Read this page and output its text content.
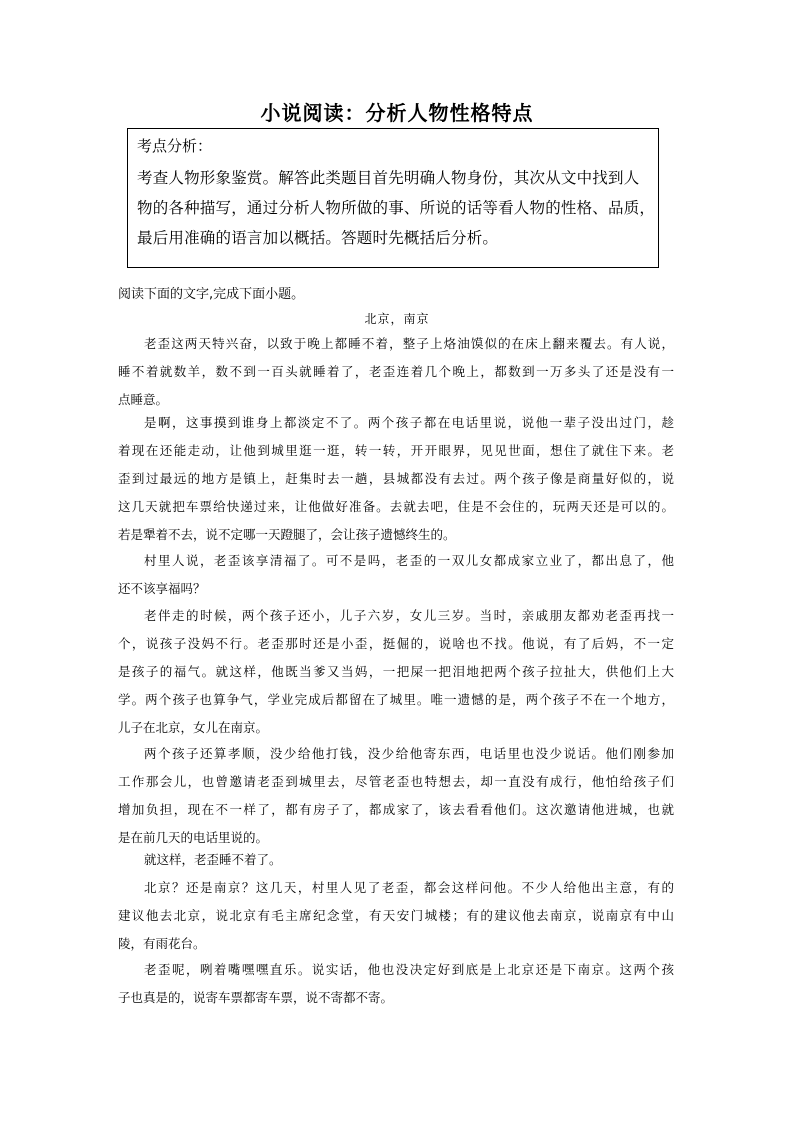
小说阅读：分析人物性格特点
考点分析：
考查人物形象鉴赏。解答此类题目首先明确人物身份，其次从文中找到人
物的各种描写，通过分析人物所做的事、所说的话等看人物的性格、品质，
最后用准确的语言加以概括。答题时先概括后分析。
阅读下面的文字,完成下面小题。
北京，南京
老歪这两天特兴奋，以致于晚上都睡不着，整子上烙油馍似的在床上翻来覆去。有人说，
睡不着就数羊，数不到一百头就睡着了，老歪连着几个晚上，都数到一万多头了还是没有一
点睡意。
是啊，这事摸到谁身上都淡定不了。两个孩子都在电话里说，说他一辈子没出过门，趁
着现在还能走动，让他到城里逛一逛，转一转，开开眼界，见见世面，想住了就住下来。老
歪到过最远的地方是镇上，赶集时去一趟，县城都没有去过。两个孩子像是商量好似的，说
这几天就把车票给快递过来，让他做好准备。去就去吧，住是不会住的，玩两天还是可以的。
若是犟着不去，说不定哪一天蹬腿了，会让孩子遗憾终生的。
村里人说，老歪该享清福了。可不是吗，老歪的一双儿女都成家立业了，都出息了，他
还不该享福吗？
老伴走的时候，两个孩子还小，儿子六岁，女儿三岁。当时，亲戚朋友都劝老歪再找一
个，说孩子没妈不行。老歪那时还是小歪，挺倔的，说啥也不找。他说，有了后妈，不一定
是孩子的福气。就这样，他既当爹又当妈，一把屎一把泪地把两个孩子拉扯大，供他们上大
学。两个孩子也算争气，学业完成后都留在了城里。唯一遗憾的是，两个孩子不在一个地方，
儿子在北京，女儿在南京。
两个孩子还算孝顺，没少给他打钱，没少给他寄东西，电话里也没少说话。他们刚参加
工作那会儿，也曾邀请老歪到城里去，尽管老歪也特想去，却一直没有成行，他怕给孩子们
增加负担，现在不一样了，都有房子了，都成家了，该去看看他们。这次邀请他进城，也就
是在前几天的电话里说的。
就这样，老歪睡不着了。
北京？还是南京？这几天，村里人见了老歪，都会这样问他。不少人给他出主意，有的
建议他去北京，说北京有毛主席纪念堂，有天安门城楼；有的建议他去南京，说南京有中山
陵，有雨花台。
老歪呢，咧着嘴嘿嘿直乐。说实话，他也没决定好到底是上北京还是下南京。这两个孩
子也真是的，说寄车票都寄车票，说不寄都不寄。
